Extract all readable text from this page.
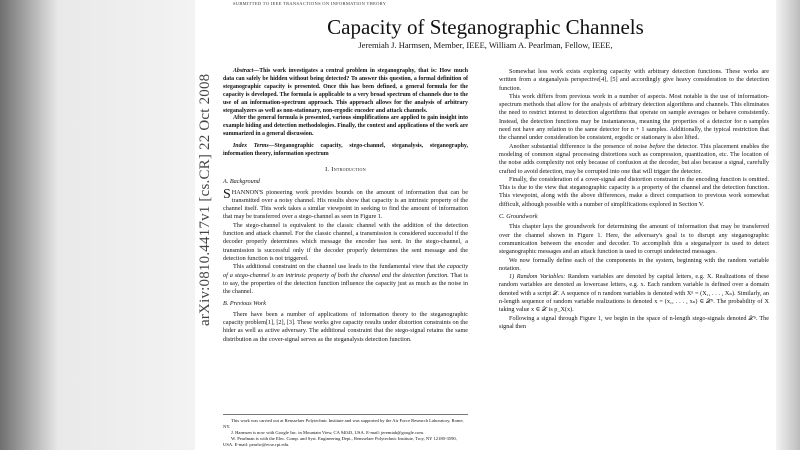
SUBMITTED TO IEEE TRANSACTIONS ON INFORMATION THEORY
Capacity of Steganographic Channels
Jeremiah J. Harmsen, Member, IEEE, William A. Pearlman, Fellow, IEEE,
arXiv:0810.4417v1 [cs.CR] 22 Oct 2008

Abstract—This work investigates a central problem in steganography, that is: How much data can safely be hidden without being detected? To answer this question, a formal definition of steganographic capacity is presented. Once this has been defined, a general formula for the capacity is developed. The formula is applicable to a very broad spectrum of channels due to the use of an information-spectrum approach. This approach allows for the analysis of arbitrary steganalyzers as well as non-stationary, non-ergodic encoder and attack channels.

After the general formula is presented, various simplifications are applied to gain insight into example hiding and detection methodologies. Finally, the context and applications of the work are summarized in a general discussion.

Index Terms—Steganographic capacity, stego-channel, steganalysis, steganography, information theory, information spectrum

I. Introduction
A. Background

SHANNON'S pioneering work provides bounds on the amount of information that can be transmitted over a noisy channel. His results show that capacity is an intrinsic property of the channel itself. This work takes a similar viewpoint in seeking to find the amount of information that may be transferred over a stego-channel as seen in Figure 1.

The stego-channel is equivalent to the classic channel with the addition of the detection function and attack channel. For the classic channel, a transmission is considered successful if the decoder properly determines which message the encoder has sent. In the stego-channel, a transmission is successful only if the decoder properly determines the sent message and the detection function is not triggered.

This additional constraint on the channel use leads to the fundamental view that the capacity of a stego-channel is an intrinsic property of both the channel and the detection function. That is to say, the properties of the detection function influence the capacity just as much as the noise in the channel.

B. Previous Work

There have been a number of applications of information theory to the steganographic capacity problem[1], [2], [3]. These works give capacity results under distortion constraints on the hider as well as active adversary. The additional constraint that the stego-signal retains the same distribution as the cover-signal serves as the steganalysis detection function.

This work was carried out at Rensselaer Polytechnic Institute and was supported by the Air Force Research Laboratory, Rome, NY.
J. Harmsen is now with Google Inc. in Mountain View, CA 94043, USA. E-mail: jeremiah@google.com.
W. Pearlman is with the Elec. Comp. and Syst. Engineering Dept., Rensselaer Polytechnic Institute, Troy, NY 12180-3590, USA. E-mail: pearlw@ecse.rpi.edu.

Somewhat less work exists exploring capacity with arbitrary detection functions. These works are written from a steganalysis perspective[4], [5] and accordingly give heavy consideration to the detection function.

This work differs from previous work in a number of aspects. Most notable is the use of information-spectrum methods that allow for the analysis of arbitrary detection algorithms and channels. This eliminates the need to restrict interest to detection algorithms that operate on sample averages or behave consistently. Instead, the detection functions may be instantaneous, meaning the properties of a detector for n samples need not have any relation to the same detector for n + 1 samples. Additionally, the typical restriction that the channel under consideration be consistent, ergodic or stationary is also lifted.

Another substantial difference is the presence of noise before the detector. This placement enables the modeling of common signal processing distortions such as compression, quantization, etc. The location of the noise adds complexity not only because of confusion at the decoder, but also because a signal, carefully crafted to avoid detection, may be corrupted into one that will trigger the detector.

Finally, the consideration of a cover-signal and distortion constraint in the encoding function is omitted. This is due to the view that steganographic capacity is a property of the channel and the detection function. This viewpoint, along with the above differences, make a direct comparison to previous work somewhat difficult, although possible with a number of simplifications explored in Section V.

C. Groundwork

This chapter lays the groundwork for determining the amount of information that may be transferred over the channel shown in Figure 1. Here, the adversary's goal is to disrupt any steganographic communication between the encoder and decoder. To accomplish this a steganalyzer is used to detect steganographic messages and an attack function is used to corrupt undetected messages.

We now formally define each of the components in the system, beginning with the random variable notation.

1) Random Variables: Random variables are denoted by capital letters, e.g. X. Realizations of these random variables are denoted as lowercase letters, e.g. x. Each random variable is defined over a domain denoted with a script 𝒳. A sequence of n random variables is denoted with Xⁿ = (X₁, . . . , Xₙ). Similarly, an n-length sequence of random variable realizations is denoted x = (x₁, . . . , xₙ) ∈ 𝒳ⁿ. The probability of X taking value x ∈ 𝒳 is p_X(x).

Following a signal through Figure 1, we begin in the space of n-length stego-signals denoted 𝒳ⁿ. The signal then
